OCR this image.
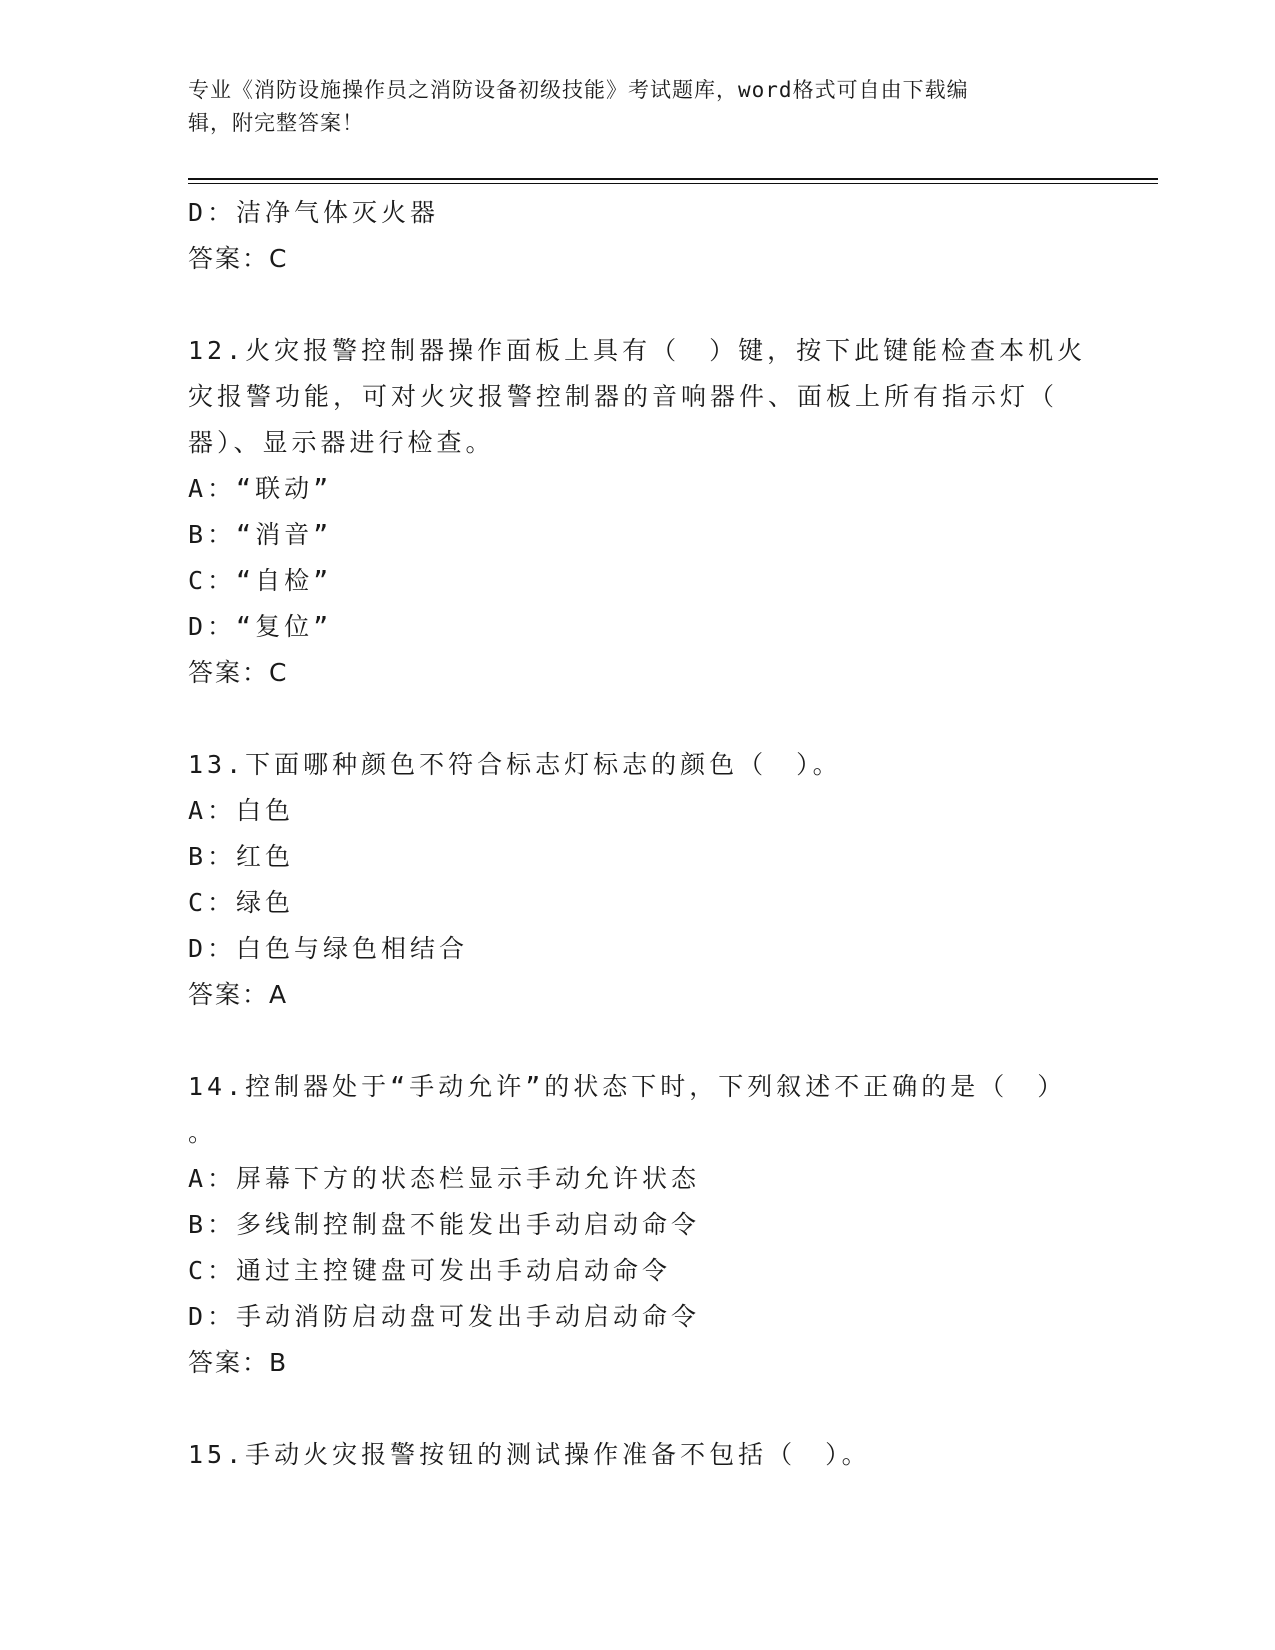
专业《消防设施操作员之消防设备初级技能》考试题库，word格式可自由下载编
辑，附完整答案！
D：洁净气体灭火器
答案：C
12.火灾报警控制器操作面板上具有（　）键，按下此键能检查本机火
灾报警功能，可对火灾报警控制器的音响器件、面板上所有指示灯（
器）、显示器进行检查。
A：“联动”
B：“消音”
C：“自检”
D：“复位”
答案：C
13.下面哪种颜色不符合标志灯标志的颜色（　）。
A：白色
B：红色
C：绿色
D：白色与绿色相结合
答案：A
14.控制器处于“手动允许”的状态下时，下列叙述不正确的是（　）
。
A：屏幕下方的状态栏显示手动允许状态
B：多线制控制盘不能发出手动启动命令
C：通过主控键盘可发出手动启动命令
D：手动消防启动盘可发出手动启动命令
答案：B
15.手动火灾报警按钮的测试操作准备不包括（　）。
